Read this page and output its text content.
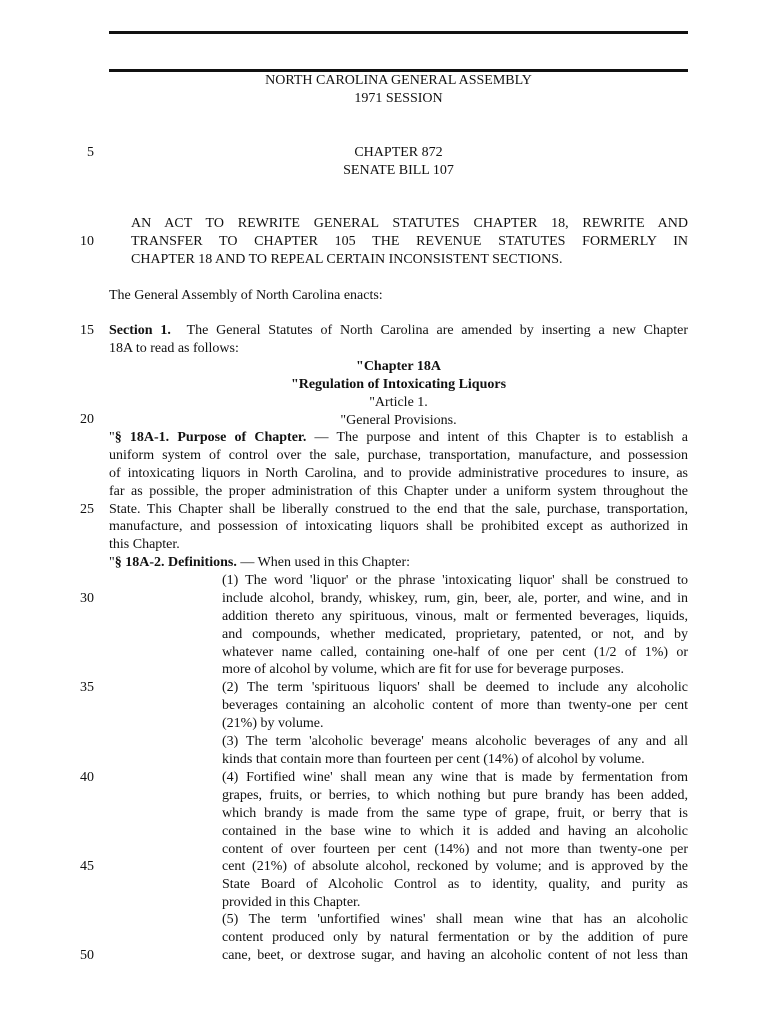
NORTH CAROLINA GENERAL ASSEMBLY
1971 SESSION
CHAPTER 872
SENATE BILL 107
5
10
15
20
25
30
35
40
45
50
AN ACT TO REWRITE GENERAL STATUTES CHAPTER 18, REWRITE AND
TRANSFER TO CHAPTER 105 THE REVENUE STATUTES FORMERLY IN
CHAPTER 18 AND TO REPEAL CERTAIN INCONSISTENT SECTIONS.
The General Assembly of North Carolina enacts:
Section 1. The General Statutes of North Carolina are amended by inserting a new Chapter
18A to read as follows:
"Chapter 18A
"Regulation of Intoxicating Liquors
"Article 1.
"General Provisions.
"§ 18A-1. Purpose of Chapter. — The purpose and intent of this Chapter is to establish a
uniform system of control over the sale, purchase, transportation, manufacture, and possession
of intoxicating liquors in North Carolina, and to provide administrative procedures to insure, as
far as possible, the proper administration of this Chapter under a uniform system throughout the
State. This Chapter shall be liberally construed to the end that the sale, purchase, transportation,
manufacture, and possession of intoxicating liquors shall be prohibited except as authorized in
this Chapter.
"§ 18A-2. Definitions. — When used in this Chapter:
(1) The word 'liquor' or the phrase 'intoxicating liquor' shall be construed to
include alcohol, brandy, whiskey, rum, gin, beer, ale, porter, and wine, and in
addition thereto any spirituous, vinous, malt or fermented beverages, liquids,
and compounds, whether medicated, proprietary, patented, or not, and by
whatever name called, containing one-half of one per cent (1/2 of 1%) or
more of alcohol by volume, which are fit for use for beverage purposes.
(2) The term 'spirituous liquors' shall be deemed to include any alcoholic
beverages containing an alcoholic content of more than twenty-one per cent
(21%) by volume.
(3) The term 'alcoholic beverage' means alcoholic beverages of any and all
kinds that contain more than fourteen per cent (14%) of alcohol by volume.
(4) Fortified wine' shall mean any wine that is made by fermentation from
grapes, fruits, or berries, to which nothing but pure brandy has been added,
which brandy is made from the same type of grape, fruit, or berry that is
contained in the base wine to which it is added and having an alcoholic
content of over fourteen per cent (14%) and not more than twenty-one per
cent (21%) of absolute alcohol, reckoned by volume; and is approved by the
State Board of Alcoholic Control as to identity, quality, and purity as
provided in this Chapter.
(5) The term 'unfortified wines' shall mean wine that has an alcoholic
content produced only by natural fermentation or by the addition of pure
cane, beet, or dextrose sugar, and having an alcoholic content of not less than
